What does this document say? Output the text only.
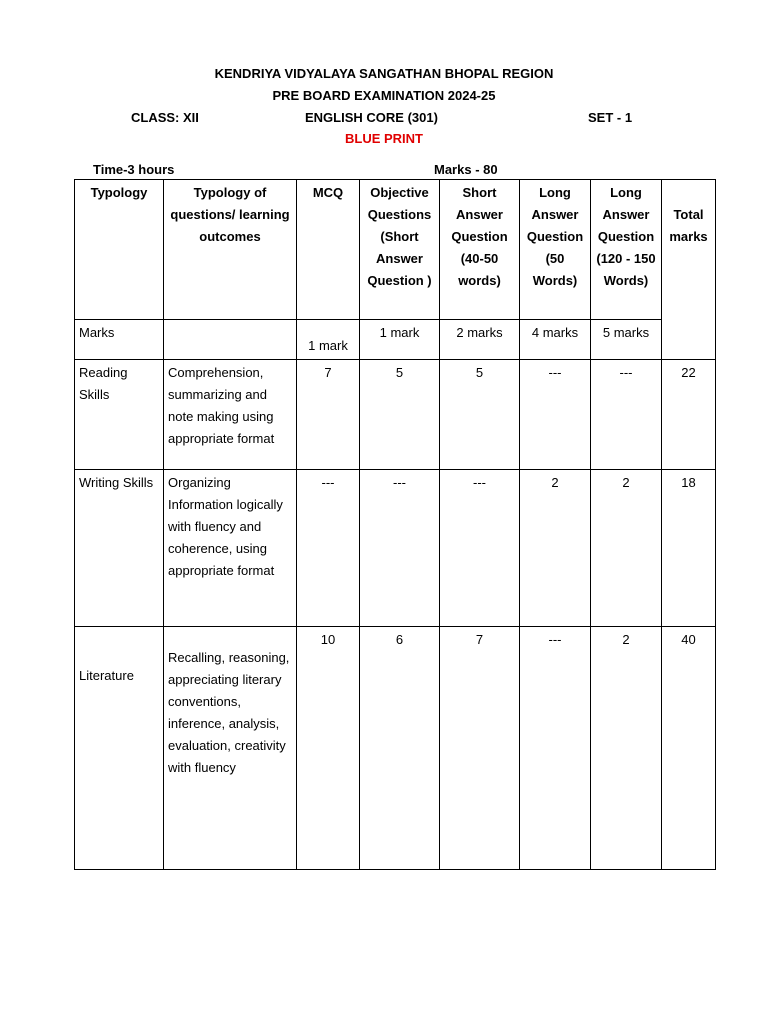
KENDRIYA VIDYALAYA SANGATHAN BHOPAL REGION
PRE BOARD EXAMINATION 2024-25
CLASS: XII	ENGLISH CORE (301)	SET - 1
BLUE PRINT
Time-3 hours	Marks - 80
Typology	Typology of questions/ learning outcomes	MCQ	Objective Questions (Short Answer Question )	Short Answer Question (40-50 words)	Long Answer Question (50 Words)	Long Answer Question (120 - 150 Words)	Total marks
Marks		1 mark	1 mark	2 marks	4 marks	5 marks	
Reading Skills	Comprehension, summarizing and note making using appropriate format	7	5	5	---	---	22
Writing Skills	Organizing Information logically with fluency and coherence, using appropriate format	---	---	---	2	2	18
Literature	Recalling, reasoning, appreciating literary conventions, inference, analysis, evaluation, creativity with fluency	10	6	7	---	2	40
